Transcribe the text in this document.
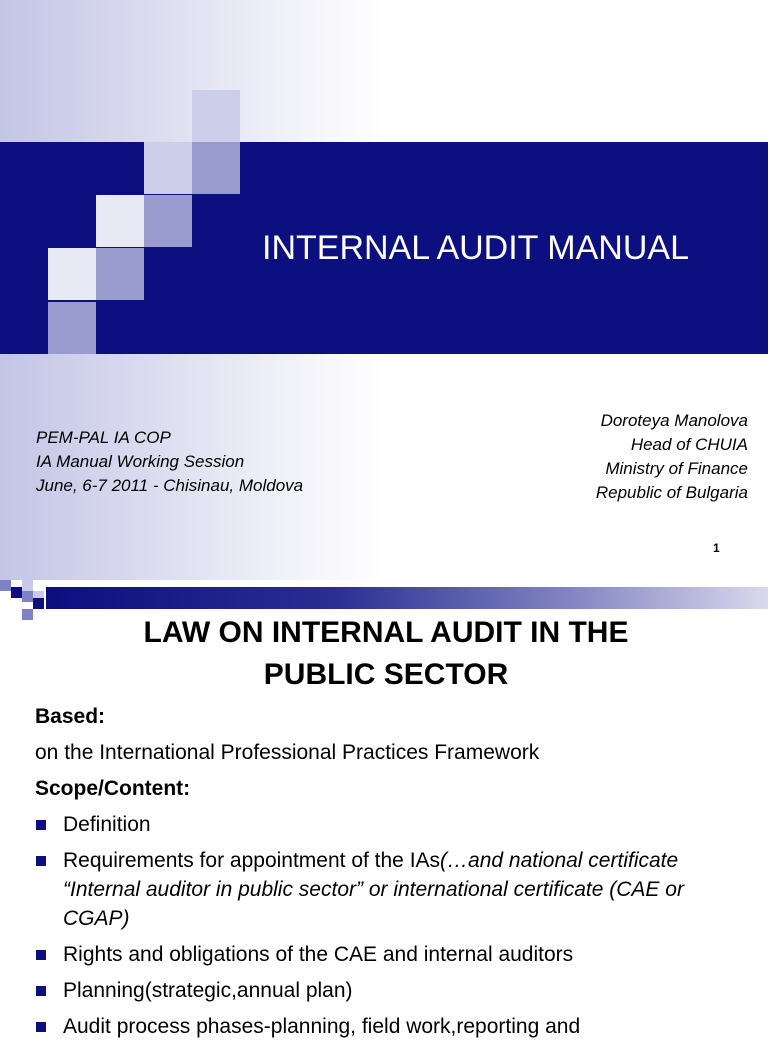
INTERNAL AUDIT MANUAL
PEM-PAL IA COP
IA Manual Working Session
June, 6-7 2011 - Chisinau, Moldova
Doroteya Manolova
Head of CHUIA
Ministry of Finance
Republic of Bulgaria
1
LAW ON INTERNAL AUDIT IN THE
PUBLIC SECTOR

Based:

on the International Professional Practices Framework

Scope/Content:

Definition
Requirements for appointment of the IAs(…and national certificate “Internal auditor in public sector” or international certificate (CAE or CGAP)
Rights and obligations of the CAE and internal auditors
Planning(strategic,annual plan)
Audit process phases-planning, field work,reporting and
